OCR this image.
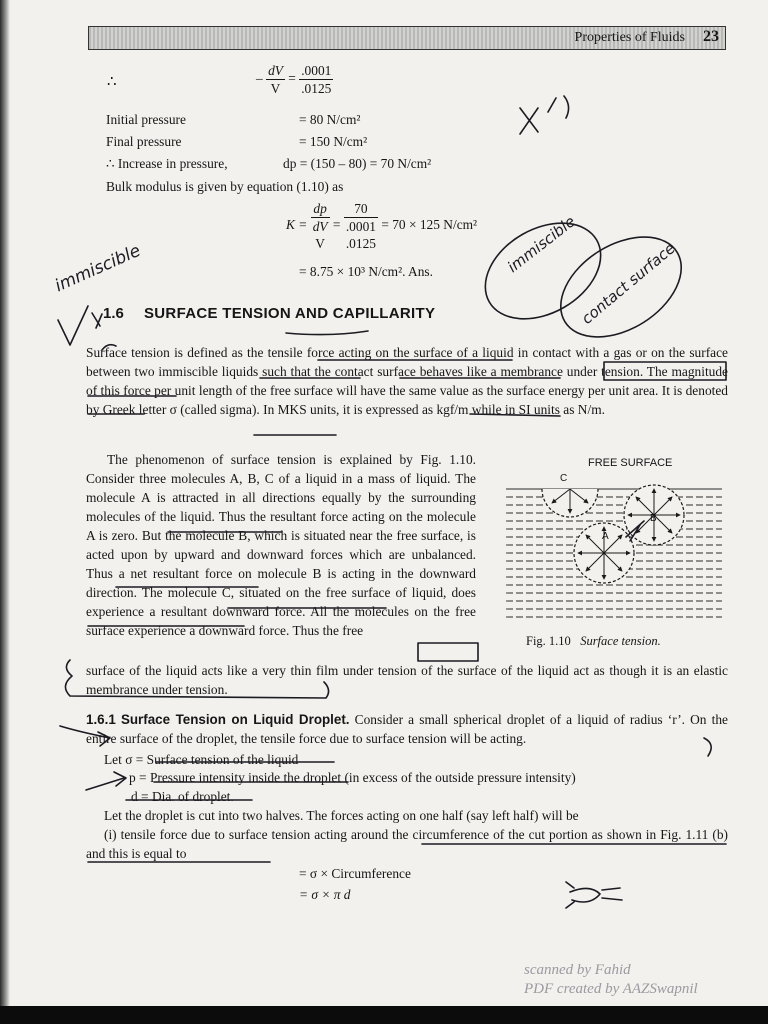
Properties of Fluids 23
∴	– $\frac{dV}{V} = \frac{.0001}{.0125}$
Initial pressure	= 80 N/cm²
Final pressure	= 150 N/cm²
∴ Increase in pressure,	dp = (150 – 80) = 70 N/cm²
Bulk modulus is given by equation (1.10) as
K =
dp
dV
V
=
70
.0001
.0125
= 70 × 125 N/cm²
= 8.75 × 10³ N/cm². Ans.
1.6 SURFACE TENSION AND CAPILLARITY
Surface tension is defined as the tensile force acting on the surface of a liquid in contact with a gas or on the surface between two immiscible liquids such that the contact surface behaves like a membrance under tension. The magnitude of this force per unit length of the free surface will have the same value as the surface energy per unit area. It is denoted by Greek letter σ (called sigma). In MKS units, it is expressed as kgf/m while in SI units as N/m.
The phenomenon of surface tension is explained by Fig. 1.10. Consider three molecules A, B, C of a liquid in a mass of liquid. The molecule A is attracted in all directions equally by the surrounding molecules of the liquid. Thus the resultant force acting on the molecule A is zero. But the molecule B, which is situated near the free surface, is acted upon by upward and downward forces which are unbalanced. Thus a net resultant force on molecule B is acting in the downward direction. The molecule C, situated on the free surface of liquid, does experience a resultant downward force. All the molecules on the free surface experience a downward force. Thus the free
surface of the liquid acts like a very thin film under tension of the surface of the liquid act as though it is an elastic membrance under tension.
FREE SURFACE
C
B
A
Fig. 1.10 Surface tension.
1.6.1 Surface Tension on Liquid Droplet. Consider a small spherical droplet of a liquid of radius ‘r’. On the entire surface of the droplet, the tensile force due to surface tension will be acting.
Let σ = Surface tension of the liquid
p = Pressure intensity inside the droplet (in excess of the outside pressure intensity)
d = Dia. of droplet.
Let the droplet is cut into two halves. The forces acting on one half (say left half) will be
(i) tensile force due to surface tension acting around the circumference of the cut portion as shown in Fig. 1.11 (b) and this is equal to
= σ × Circumference
= σ × π d
immiscible	immiscible contact surface
scanned by Fahid
PDF created by AAZSwapnil
